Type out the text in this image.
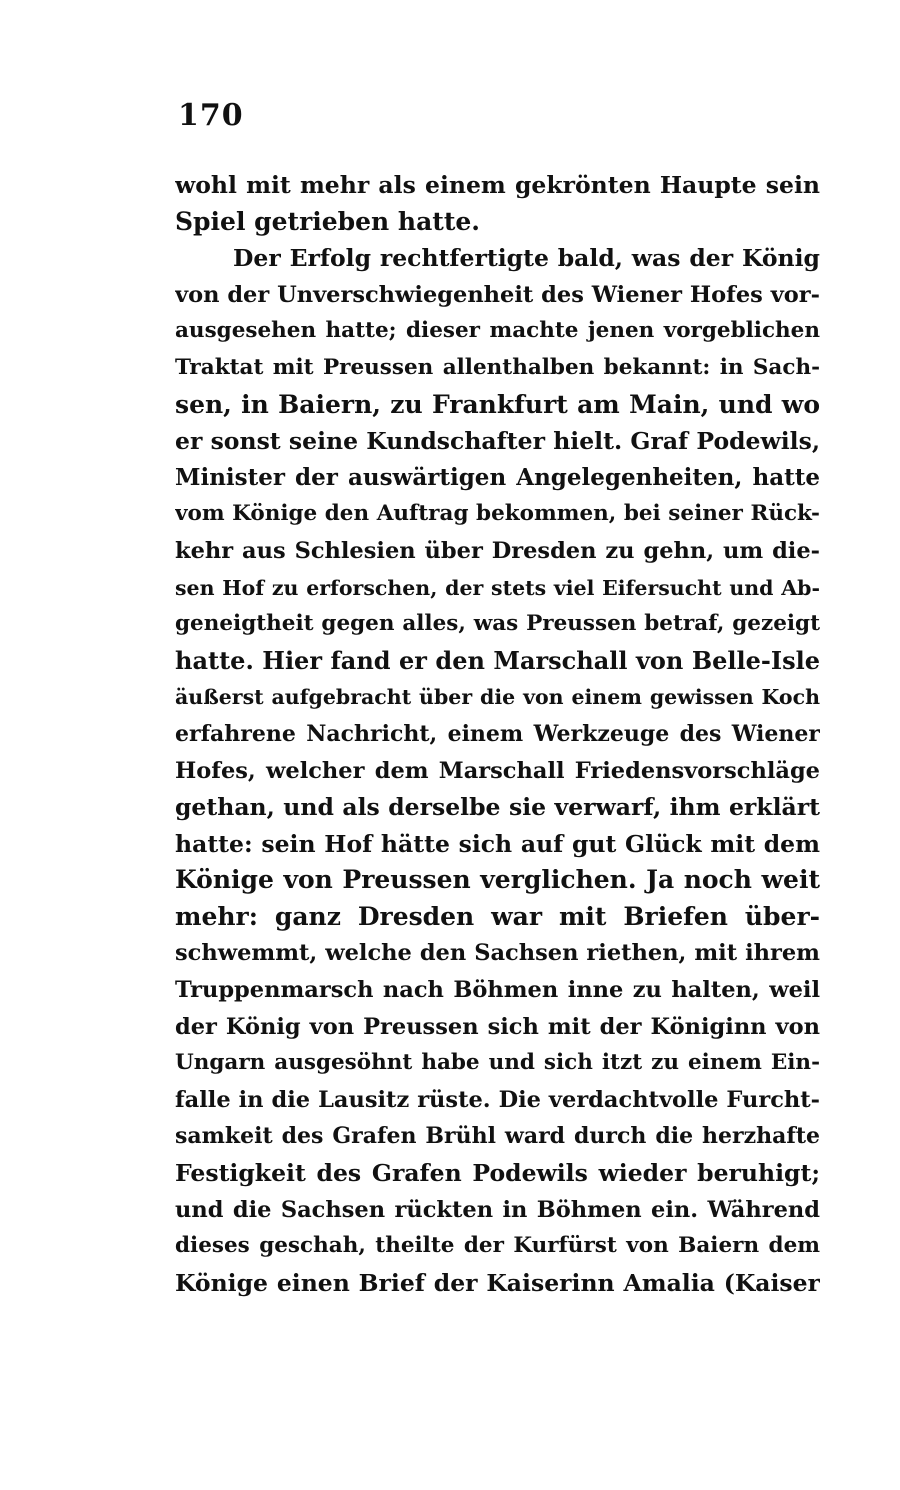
170
wohl mit mehr als einem gekrönten Haupte sein
Spiel getrieben hatte.
Der Erfolg rechtfertigte bald, was der König
von der Unverschwiegenheit des Wiener Hofes vor-
ausgesehen hatte; dieser machte jenen vorgeblichen
Traktat mit Preussen allenthalben bekannt: in Sach-
sen, in Baiern, zu Frankfurt am Main, und wo
er sonst seine Kundschafter hielt. Graf Podewils,
Minister der auswärtigen Angelegenheiten, hatte
vom Könige den Auftrag bekommen, bei seiner Rück-
kehr aus Schlesien über Dresden zu gehn, um die-
sen Hof zu erforschen, der stets viel Eifersucht und Ab-
geneigtheit gegen alles, was Preussen betraf, gezeigt
hatte. Hier fand er den Marschall von Belle-Isle
äußerst aufgebracht über die von einem gewissen Koch
erfahrene Nachricht, einem Werkzeuge des Wiener
Hofes, welcher dem Marschall Friedensvorschläge
gethan, und als derselbe sie verwarf, ihm erklärt
hatte: sein Hof hätte sich auf gut Glück mit dem
Könige von Preussen verglichen. Ja noch weit
mehr: ganz Dresden war mit Briefen über-
schwemmt, welche den Sachsen riethen, mit ihrem
Truppenmarsch nach Böhmen inne zu halten, weil
der König von Preussen sich mit der Königinn von
Ungarn ausgesöhnt habe und sich itzt zu einem Ein-
falle in die Lausitz rüste. Die verdachtvolle Furcht-
samkeit des Grafen Brühl ward durch die herzhafte
Festigkeit des Grafen Podewils wieder beruhigt;
und die Sachsen rückten in Böhmen ein. Während
dieses geschah, theilte der Kurfürst von Baiern dem
Könige einen Brief der Kaiserinn Amalia (Kaiser
